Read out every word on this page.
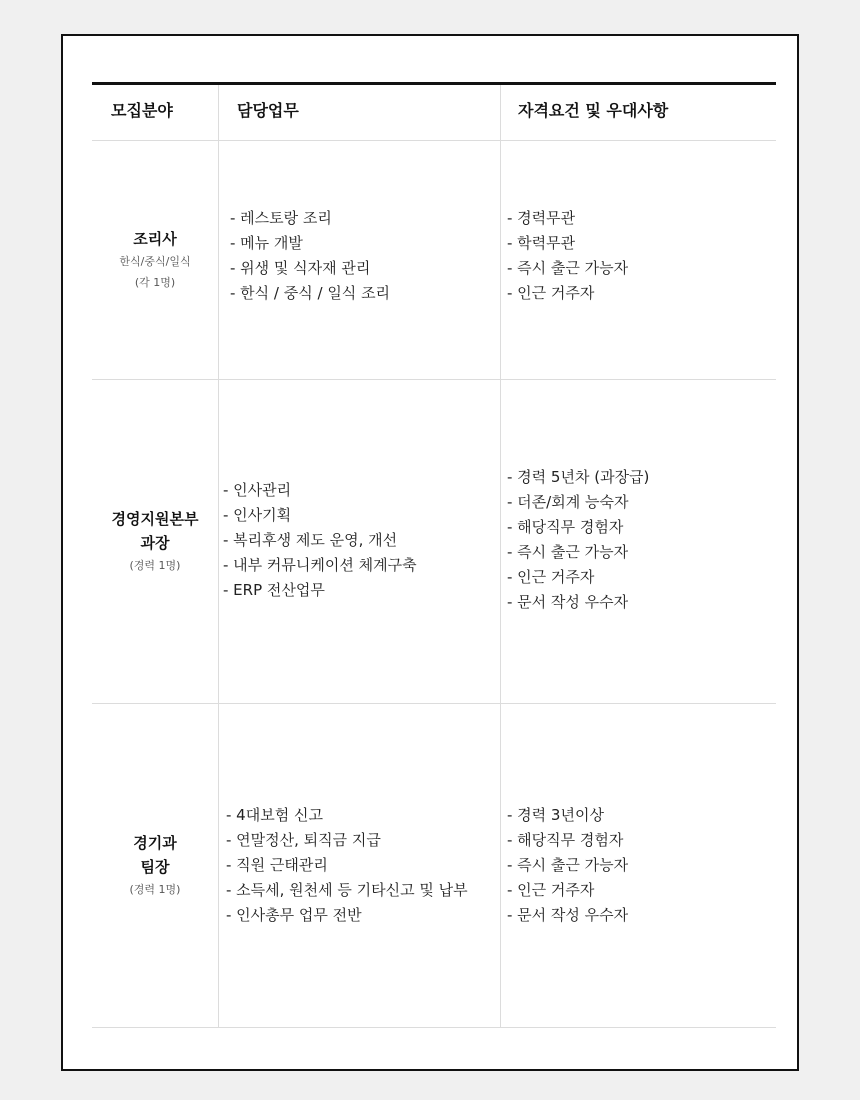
모집분야	담당업무	자격요건 및 우대사항
조리사
한식/중식/일식
(각 1명)
- 레스토랑 조리
- 메뉴 개발
- 위생 및 식자재 관리
- 한식 / 중식 / 일식 조리
- 경력무관
- 학력무관
- 즉시 출근 가능자
- 인근 거주자
경영지원본부
과장
(경력 1명)
- 인사관리
- 인사기획
- 복리후생 제도 운영, 개선
- 내부 커뮤니케이션 체계구축
- ERP 전산업무
- 경력 5년차 (과장급)
- 더존/회계 능숙자
- 해당직무 경험자
- 즉시 출근 가능자
- 인근 거주자
- 문서 작성 우수자
경기과
팀장
(경력 1명)
- 4대보험 신고
- 연말정산, 퇴직금 지급
- 직원 근태관리
- 소득세, 원천세 등 기타신고 및 납부
- 인사총무 업무 전반
- 경력 3년이상
- 해당직무 경험자
- 즉시 출근 가능자
- 인근 거주자
- 문서 작성 우수자
